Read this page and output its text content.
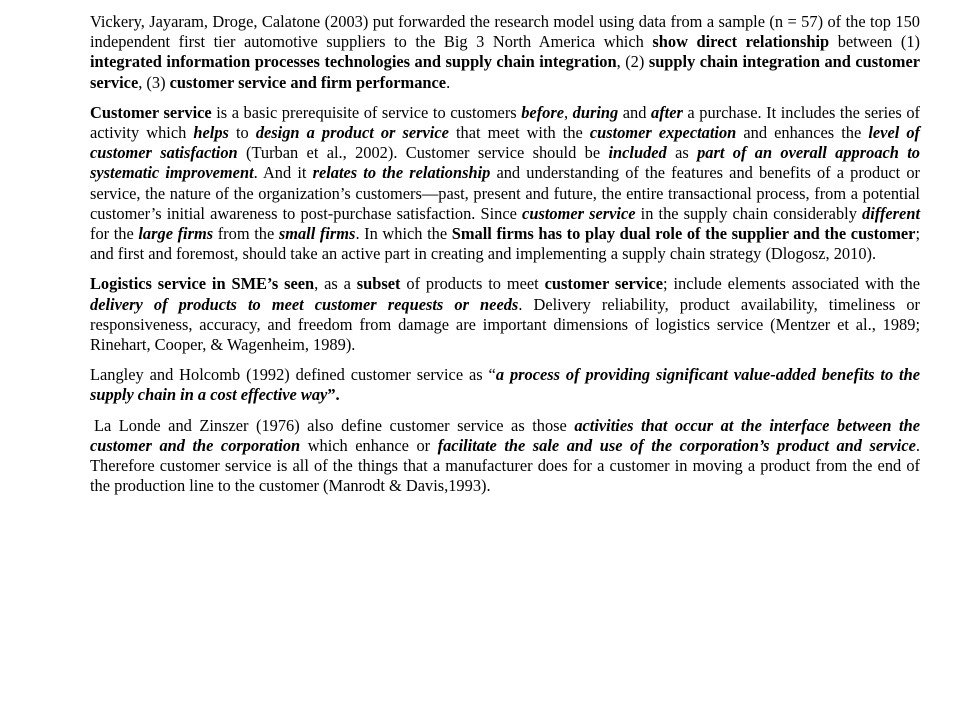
Vickery, Jayaram, Droge, Calatone (2003) put forwarded the research model using data from a sample (n = 57) of the top 150 independent first tier automotive suppliers to the Big 3 North America which show direct relationship between (1) integrated information processes technologies and supply chain integration, (2) supply chain integration and customer service, (3) customer service and firm performance.

Customer service is a basic prerequisite of service to customers before, during and after a purchase. It includes the series of activity which helps to design a product or service that meet with the customer expectation and enhances the level of customer satisfaction (Turban et al., 2002). Customer service should be included as part of an overall approach to systematic improvement. And it relates to the relationship and understanding of the features and benefits of a product or service, the nature of the organization’s customers—past, present and future, the entire transactional process, from a potential customer’s initial awareness to post-purchase satisfaction. Since customer service in the supply chain considerably different for the large firms from the small firms. In which the Small firms has to play dual role of the supplier and the customer; and first and foremost, should take an active part in creating and implementing a supply chain strategy (Dlogosz, 2010).

Logistics service in SME’s seen, as a subset of products to meet customer service; include elements associated with the delivery of products to meet customer requests or needs. Delivery reliability, product availability, timeliness or responsiveness, accuracy, and freedom from damage are important dimensions of logistics service (Mentzer et al., 1989; Rinehart, Cooper, & Wagenheim, 1989).

Langley and Holcomb (1992) defined customer service as “a process of providing significant value-added benefits to the supply chain in a cost effective way”.

La Londe and Zinszer (1976) also define customer service as those activities that occur at the interface between the customer and the corporation which enhance or facilitate the sale and use of the corporation’s product and service. Therefore customer service is all of the things that a manufacturer does for a customer in moving a product from the end of the production line to the customer (Manrodt & Davis,1993).
